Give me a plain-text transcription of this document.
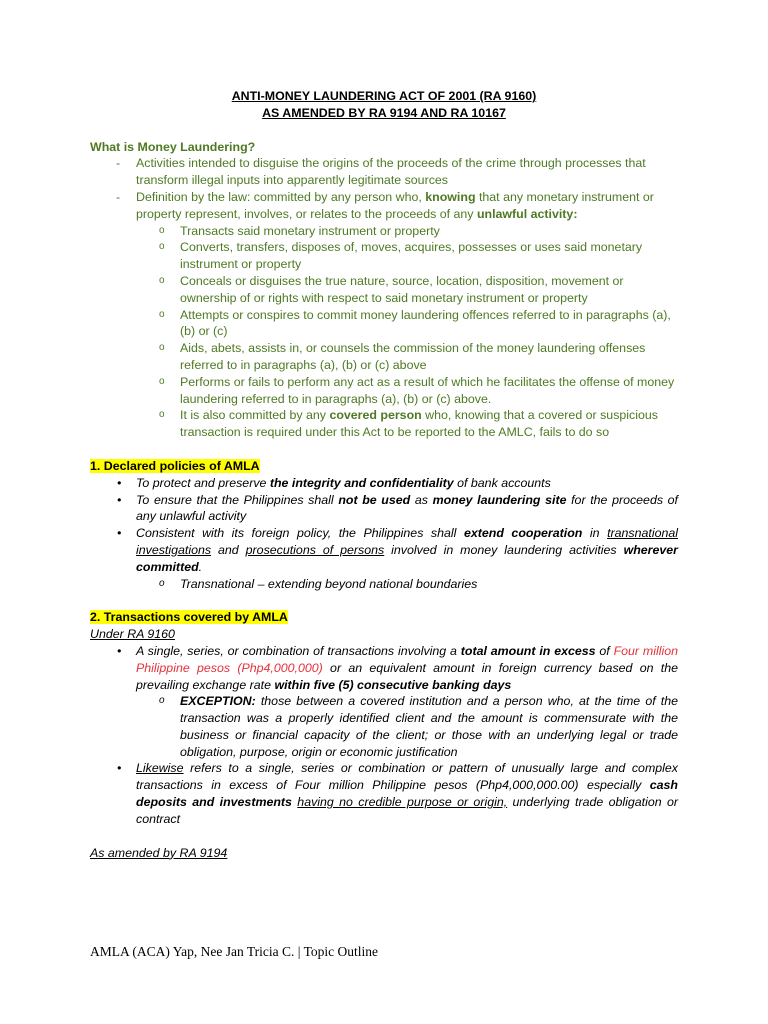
ANTI-MONEY LAUNDERING ACT OF 2001 (RA 9160)

AS AMENDED BY RA 9194 AND RA 10167

What is Money Laundering?

- Activities intended to disguise the origins of the proceeds of the crime through processes that transform illegal inputs into apparently legitimate sources
- Definition by the law: committed by any person who, knowing that any monetary instrument or property represent, involves, or relates to the proceeds of any unlawful activity:
o Transacts said monetary instrument or property
o Converts, transfers, disposes of, moves, acquires, possesses or uses said monetary instrument or property
o Conceals or disguises the true nature, source, location, disposition, movement or ownership of or rights with respect to said monetary instrument or property
o Attempts or conspires to commit money laundering offences referred to in paragraphs (a), (b) or (c)
o Aids, abets, assists in, or counsels the commission of the money laundering offenses referred to in paragraphs (a), (b) or (c) above
o Performs or fails to perform any act as a result of which he facilitates the offense of money laundering referred to in paragraphs (a), (b) or (c) above.
o It is also committed by any covered person who, knowing that a covered or suspicious transaction is required under this Act to be reported to the AMLC, fails to do so

1. Declared policies of AMLA

• To protect and preserve the integrity and confidentiality of bank accounts
• To ensure that the Philippines shall not be used as money laundering site for the proceeds of any unlawful activity
• Consistent with its foreign policy, the Philippines shall extend cooperation in transnational investigations and prosecutions of persons involved in money laundering activities wherever committed.
o Transnational – extending beyond national boundaries

2. Transactions covered by AMLA

Under RA 9160

• A single, series, or combination of transactions involving a total amount in excess of Four million Philippine pesos (Php4,000,000) or an equivalent amount in foreign currency based on the prevailing exchange rate within five (5) consecutive banking days
o EXCEPTION: those between a covered institution and a person who, at the time of the transaction was a properly identified client and the amount is commensurate with the business or financial capacity of the client; or those with an underlying legal or trade obligation, purpose, origin or economic justification
• Likewise refers to a single, series or combination or pattern of unusually large and complex transactions in excess of Four million Philippine pesos (Php4,000,000.00) especially cash deposits and investments having no credible purpose or origin, underlying trade obligation or contract

As amended by RA 9194

AMLA (ACA) Yap, Nee Jan Tricia C. | Topic Outline
